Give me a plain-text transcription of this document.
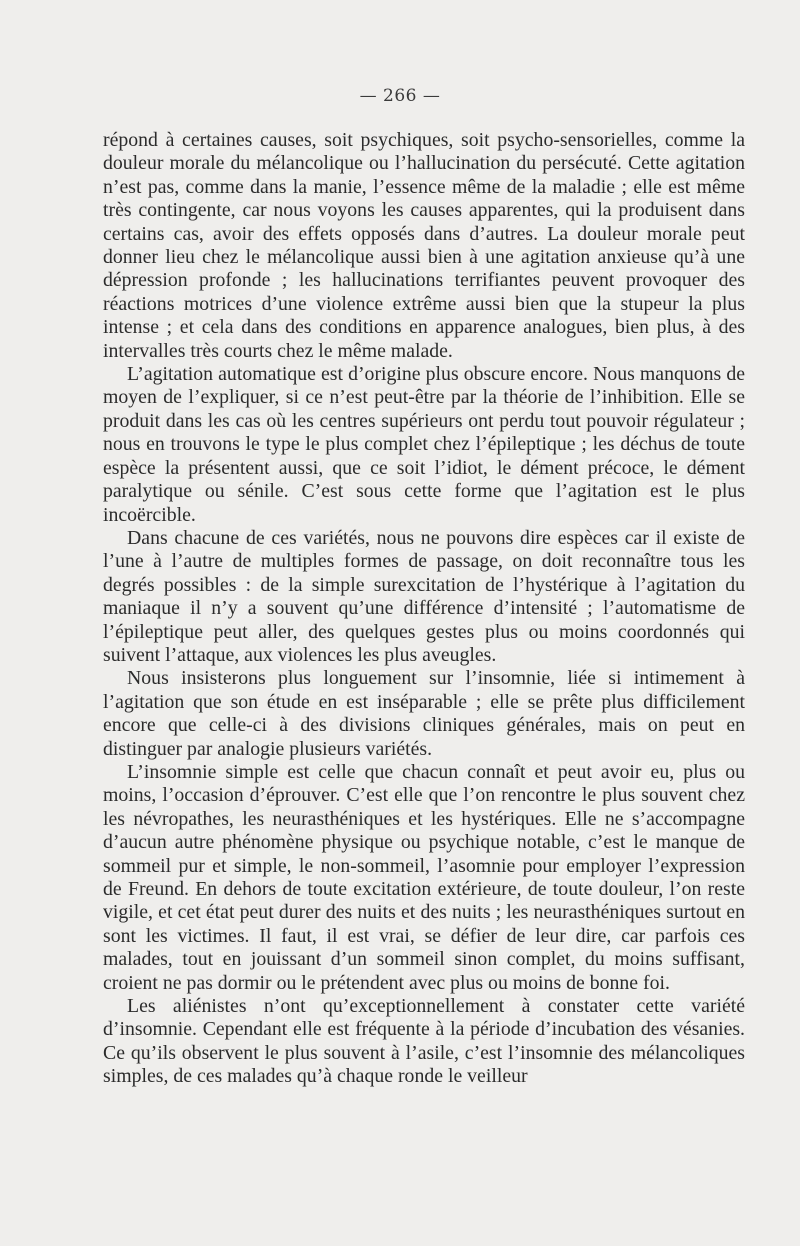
— 266 —

répond à certaines causes, soit psychiques, soit psycho-sensorielles, comme la douleur morale du mélancolique ou l’hallucination du persécuté. Cette agitation n’est pas, comme dans la manie, l’essence même de la maladie ; elle est même très contingente, car nous voyons les causes apparentes, qui la produisent dans certains cas, avoir des effets opposés dans d’autres. La douleur morale peut donner lieu chez le mélancolique aussi bien à une agitation anxieuse qu’à une dépression profonde ; les hallucinations terrifiantes peuvent provoquer des réactions motrices d’une violence extrême aussi bien que la stupeur la plus intense ; et cela dans des conditions en apparence analogues, bien plus, à des intervalles très courts chez le même malade.

L’agitation automatique est d’origine plus obscure encore. Nous manquons de moyen de l’expliquer, si ce n’est peut-être par la théorie de l’inhibition. Elle se produit dans les cas où les centres supérieurs ont perdu tout pouvoir régulateur ; nous en trouvons le type le plus complet chez l’épileptique ; les déchus de toute espèce la présentent aussi, que ce soit l’idiot, le dément précoce, le dément paralytique ou sénile. C’est sous cette forme que l’agitation est le plus incoërcible.

Dans chacune de ces variétés, nous ne pouvons dire espèces car il existe de l’une à l’autre de multiples formes de passage, on doit reconnaître tous les degrés possibles : de la simple surexcitation de l’hystérique à l’agitation du maniaque il n’y a souvent qu’une différence d’intensité ; l’automatisme de l’épileptique peut aller, des quelques gestes plus ou moins coordonnés qui suivent l’attaque, aux violences les plus aveugles.

Nous insisterons plus longuement sur l’insomnie, liée si intimement à l’agitation que son étude en est inséparable ; elle se prête plus difficilement encore que celle-ci à des divisions cliniques générales, mais on peut en distinguer par analogie plusieurs variétés.

L’insomnie simple est celle que chacun connaît et peut avoir eu, plus ou moins, l’occasion d’éprouver. C’est elle que l’on rencontre le plus souvent chez les névropathes, les neurasthéniques et les hystériques. Elle ne s’accompagne d’aucun autre phénomène physique ou psychique notable, c’est le manque de sommeil pur et simple, le non-sommeil, l’asomnie pour employer l’expression de Freund. En dehors de toute excitation extérieure, de toute douleur, l’on reste vigile, et cet état peut durer des nuits et des nuits ; les neurasthéniques surtout en sont les victimes. Il faut, il est vrai, se défier de leur dire, car parfois ces malades, tout en jouissant d’un sommeil sinon complet, du moins suffisant, croient ne pas dormir ou le prétendent avec plus ou moins de bonne foi.

Les aliénistes n’ont qu’exceptionnellement à constater cette variété d’insomnie. Cependant elle est fréquente à la période d’incubation des vésanies. Ce qu’ils observent le plus souvent à l’asile, c’est l’insomnie des mélancoliques simples, de ces malades qu’à chaque ronde le veilleur
